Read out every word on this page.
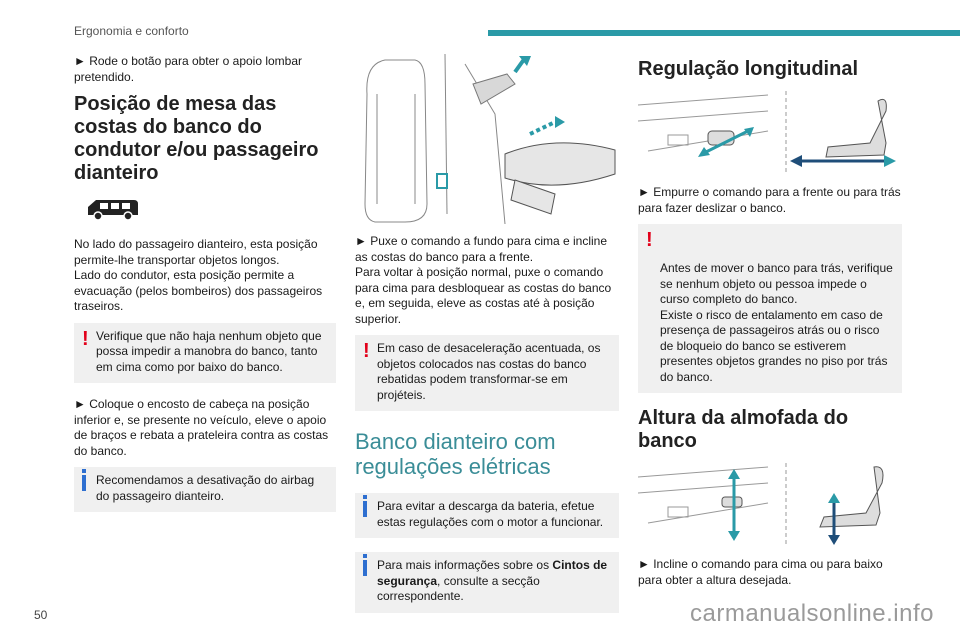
Ergonomia e conforto

► Rode o botão para obter o apoio lombar pretendido.

Posição de mesa das costas do banco do condutor e/ou passageiro dianteiro

No lado do passageiro dianteiro, esta posição permite-lhe transportar objetos longos.

Lado do condutor, esta posição permite a evacuação (pelos bombeiros) dos passageiros traseiros.

! Verifique que não haja nenhum objeto que possa impedir a manobra do banco, tanto em cima como por baixo do banco.

► Coloque o encosto de cabeça na posição inferior e, se presente no veículo, eleve o apoio de braços e rebata a prateleira contra as costas do banco.

Recomendamos a desativação do airbag do passageiro dianteiro.

► Puxe o comando a fundo para cima e incline as costas do banco para a frente.

Para voltar à posição normal, puxe o comando para cima para desbloquear as costas do banco e, em seguida, eleve as costas até à posição superior.

! Em caso de desaceleração acentuada, os objetos colocados nas costas do banco rebatidas podem transformar-se em projéteis.
Banco dianteiro com regulações elétricas
Para evitar a descarga da bateria, efetue estas regulações com o motor a funcionar.
Para mais informações sobre os Cintos de segurança, consulte a secção correspondente.
Regulação longitudinal

► Empurre o comando para a frente ou para trás para fazer deslizar o banco.

!

Antes de mover o banco para trás, verifique se nenhum objeto ou pessoa impede o curso completo do banco.
Existe o risco de entalamento em caso de presença de passageiros atrás ou o risco de bloqueio do banco se estiverem presentes objetos grandes no piso por trás do banco.

Altura da almofada do banco

► Incline o comando para cima ou para baixo para obter a altura desejada.

50	carmanualsonline.info
